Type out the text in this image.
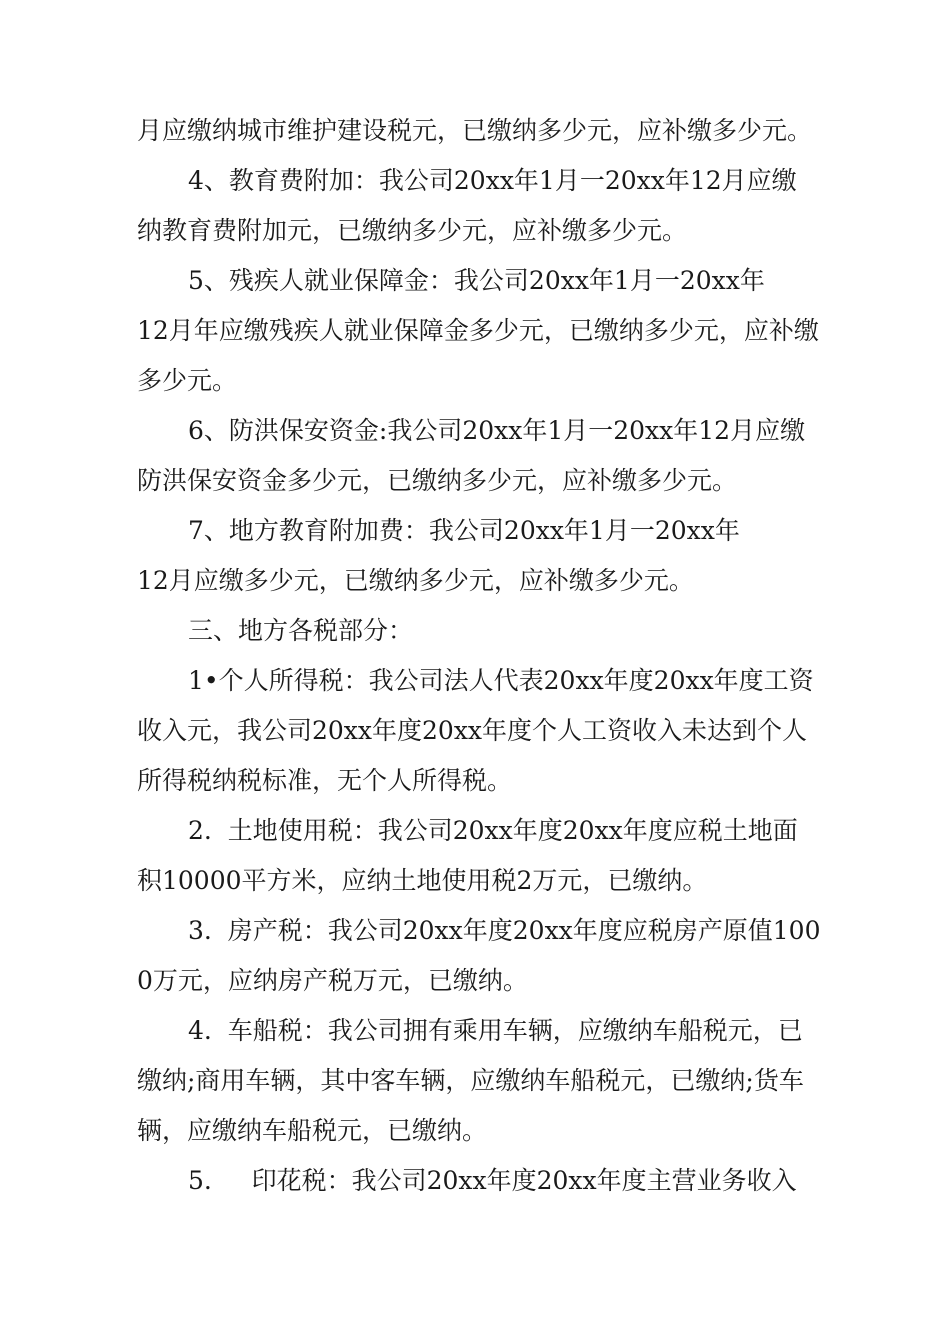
月应缴纳城市维护建设税元，已缴纳多少元，应补缴多少元。
4、教育费附加：我公司20xx年1月一20xx年12月应缴
纳教育费附加元，已缴纳多少元，应补缴多少元。
5、残疾人就业保障金：我公司20xx年1月一20xx年
12月年应缴残疾人就业保障金多少元，已缴纳多少元，应补缴
多少元。
6、防洪保安资金:我公司20xx年1月一20xx年12月应缴
防洪保安资金多少元，已缴纳多少元，应补缴多少元。
7、地方教育附加费：我公司20xx年1月一20xx年
12月应缴多少元，已缴纳多少元，应补缴多少元。
三、地方各税部分：
1•个人所得税：我公司法人代表20xx年度20xx年度工资
收入元，我公司20xx年度20xx年度个人工资收入未达到个人
所得税纳税标准，无个人所得税。
2.  土地使用税：我公司20xx年度20xx年度应税土地面
积10000平方米，应纳土地使用税2万元，已缴纳。
3.  房产税：我公司20xx年度20xx年度应税房产原值100
0万元，应纳房产税万元，已缴纳。
4.  车船税：我公司拥有乘用车辆，应缴纳车船税元，已
缴纳;商用车辆，其中客车辆，应缴纳车船税元，已缴纳;货车
辆，应缴纳车船税元，已缴纳。
5.     印花税：我公司20xx年度20xx年度主营业务收入
